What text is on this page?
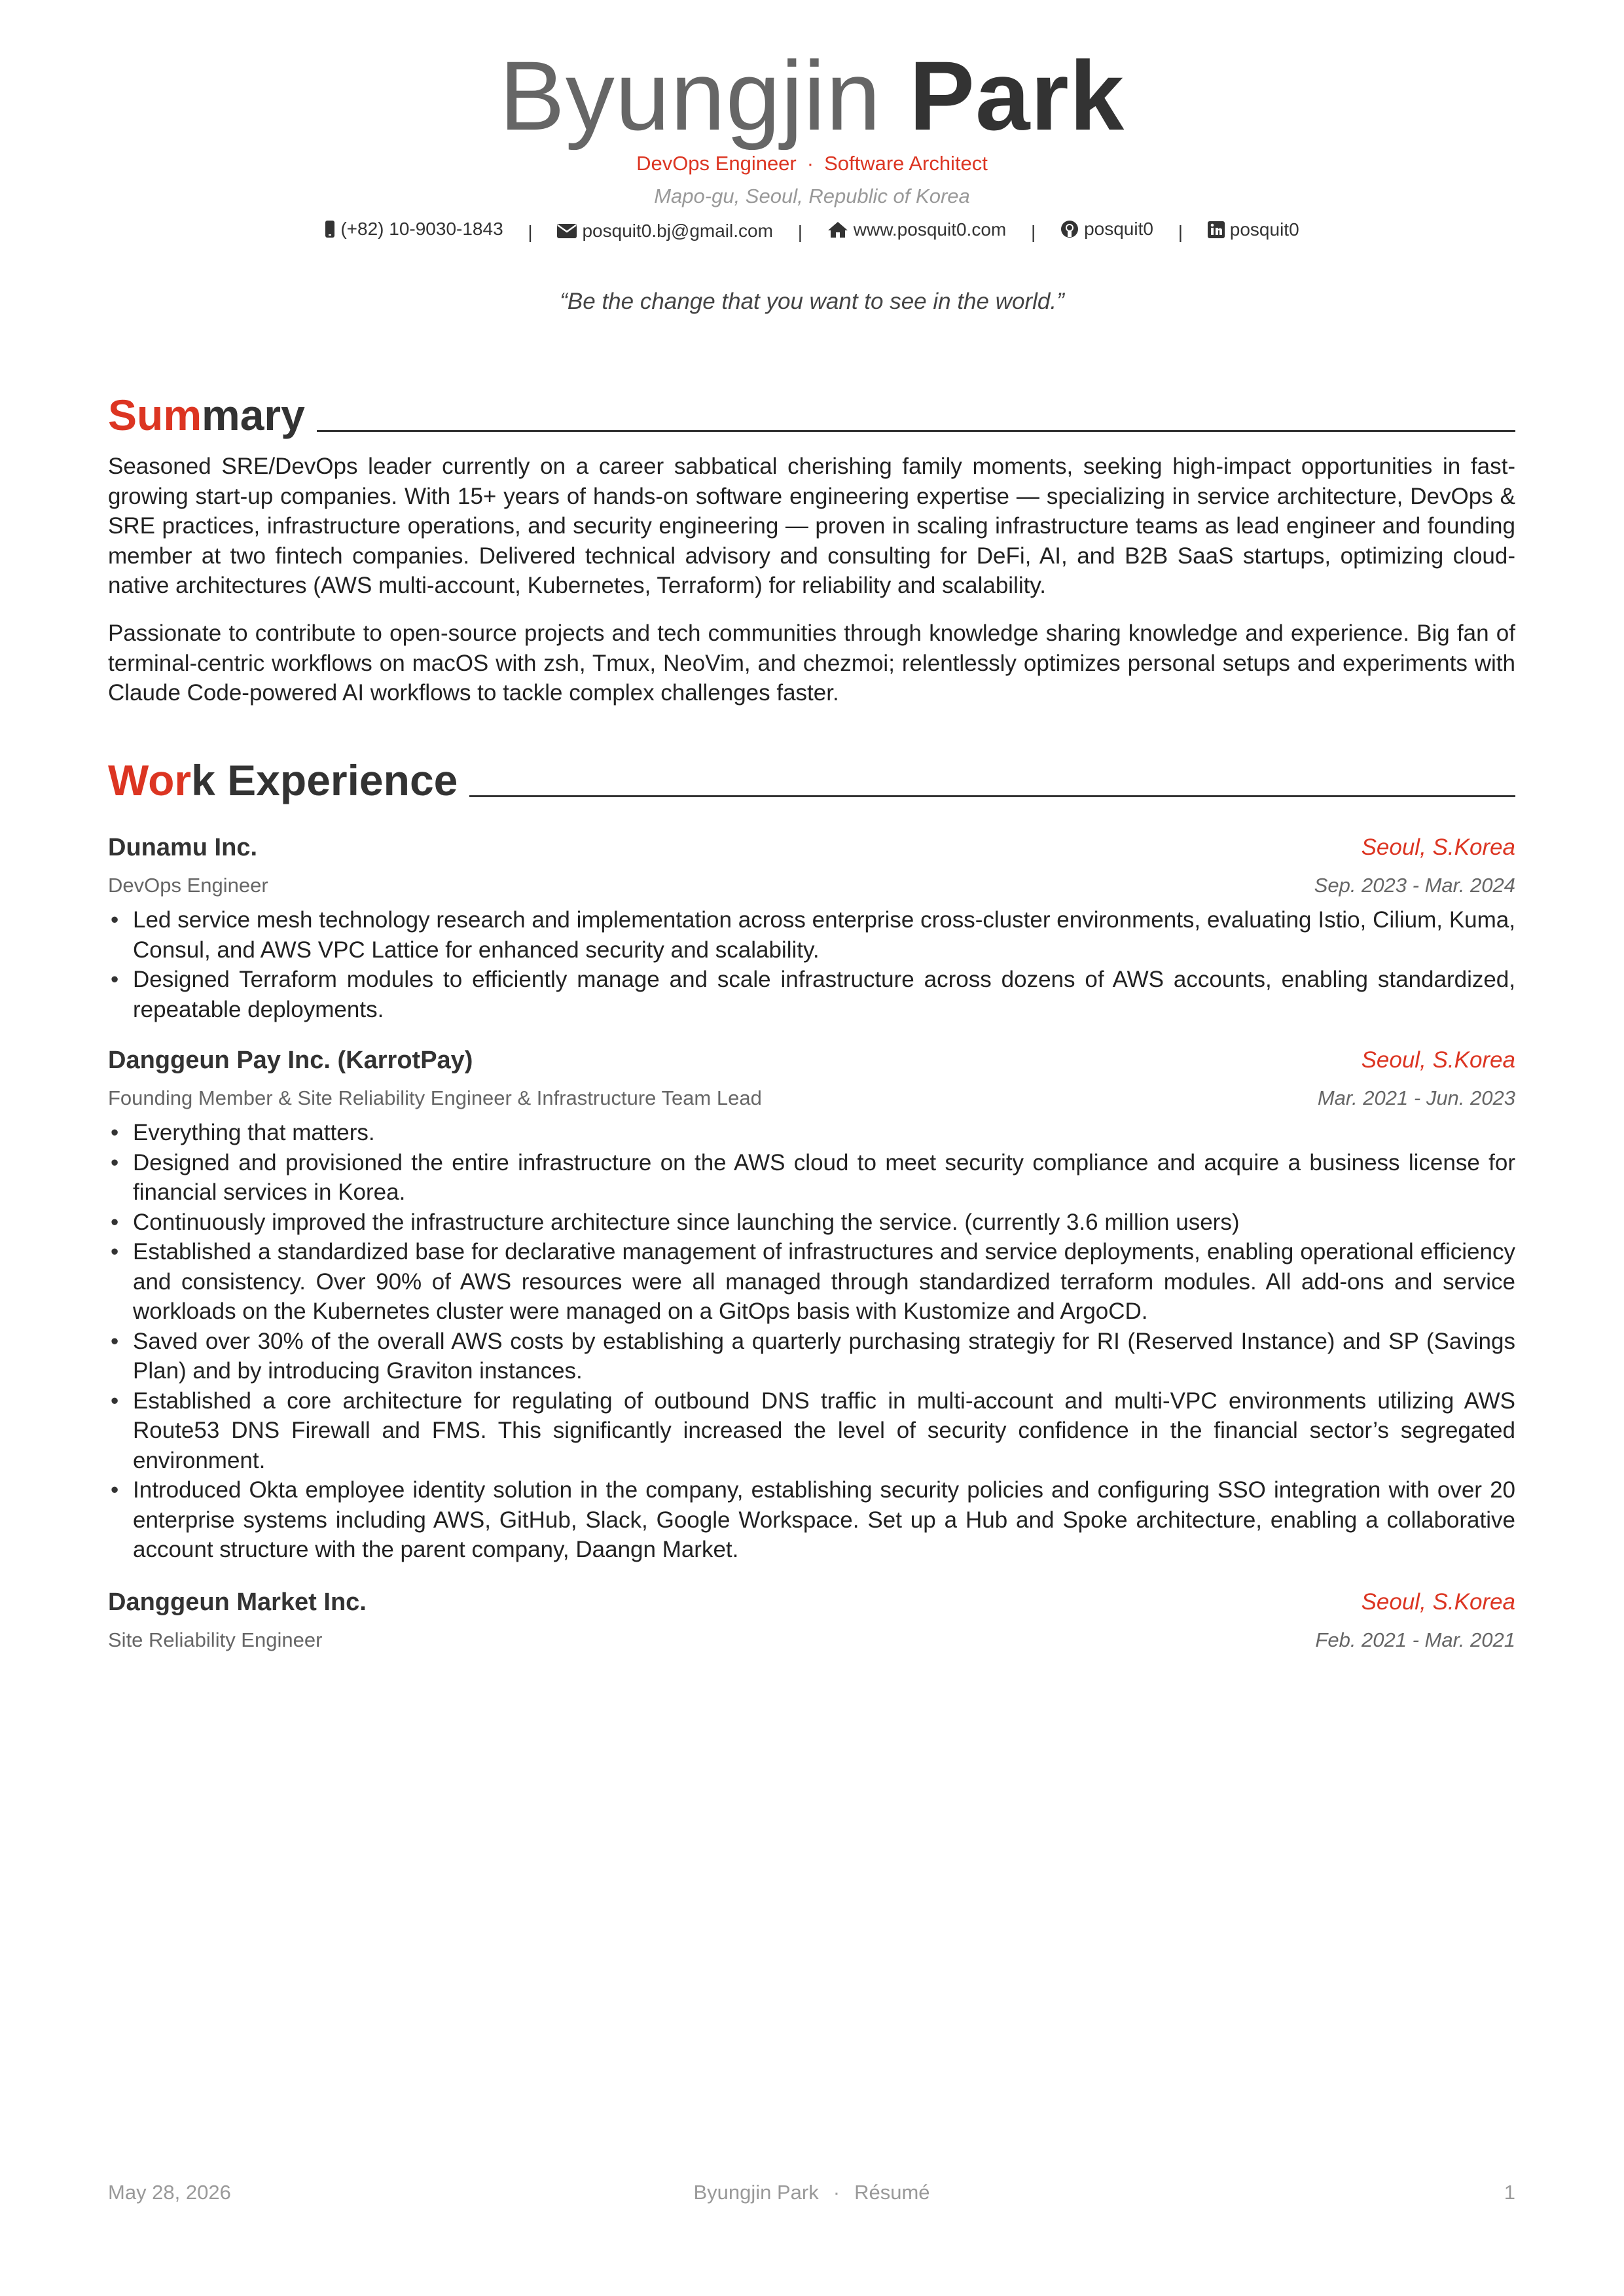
Byungjin Park
DevOps Engineer · Software Architect
Mapo-gu, Seoul, Republic of Korea
(+82) 10-9030-1843 |	posquit0.bj@gmail.com |	www.posquit0.com |	posquit0 |	posquit0
“Be the change that you want to see in the world.”
Summary
Seasoned SRE/DevOps leader currently on a career sabbatical cherishing family moments, seeking high-impact opportunities in fast-growing start-up companies. With 15+ years of hands-on software engineering expertise — specializing in service architecture, DevOps & SRE practices, infrastructure operations, and security engineering — proven in scaling infrastructure teams as lead engineer and founding member at two fintech companies. Delivered technical advisory and consulting for DeFi, AI, and B2B SaaS startups, optimizing cloud-native architectures (AWS multi-account, Kubernetes, Terraform) for reliability and scalability.
Passionate to contribute to open-source projects and tech communities through knowledge sharing knowledge and experience. Big fan of terminal-centric workflows on macOS with zsh, Tmux, NeoVim, and chezmoi; relentlessly optimizes personal setups and experiments with Claude Code-powered AI workflows to tackle complex challenges faster.
Work Experience
Dunamu Inc.	Seoul, S.Korea
DevOps Engineer	Sep. 2023 - Mar. 2024
• Led service mesh technology research and implementation across enterprise cross-cluster environments, evaluating Istio, Cilium, Kuma, Consul, and AWS VPC Lattice for enhanced security and scalability.
• Designed Terraform modules to efficiently manage and scale infrastructure across dozens of AWS accounts, enabling standardized, repeatable deployments.
Danggeun Pay Inc. (KarrotPay)	Seoul, S.Korea
Founding Member & Site Reliability Engineer & Infrastructure Team Lead	Mar. 2021 - Jun. 2023
• Everything that matters.
• Designed and provisioned the entire infrastructure on the AWS cloud to meet security compliance and acquire a business license for financial services in Korea.
• Continuously improved the infrastructure architecture since launching the service. (currently 3.6 million users)
• Established a standardized base for declarative management of infrastructures and service deployments, enabling operational efficiency and consistency. Over 90% of AWS resources were all managed through standardized terraform modules. All add-ons and service workloads on the Kubernetes cluster were managed on a GitOps basis with Kustomize and ArgoCD.
• Saved over 30% of the overall AWS costs by establishing a quarterly purchasing strategiy for RI (Reserved Instance) and SP (Savings Plan) and by introducing Graviton instances.
• Established a core architecture for regulating of outbound DNS traffic in multi-account and multi-VPC environments utilizing AWS Route53 DNS Firewall and FMS. This significantly increased the level of security confidence in the financial sector’s segregated environment.
• Introduced Okta employee identity solution in the company, establishing security policies and configuring SSO integration with over 20 enterprise systems including AWS, GitHub, Slack, Google Workspace. Set up a Hub and Spoke architecture, enabling a collaborative account structure with the parent company, Daangn Market.
Danggeun Market Inc.	Seoul, S.Korea
Site Reliability Engineer	Feb. 2021 - Mar. 2021
May 28, 2026	Byungjin Park · Résumé	1
